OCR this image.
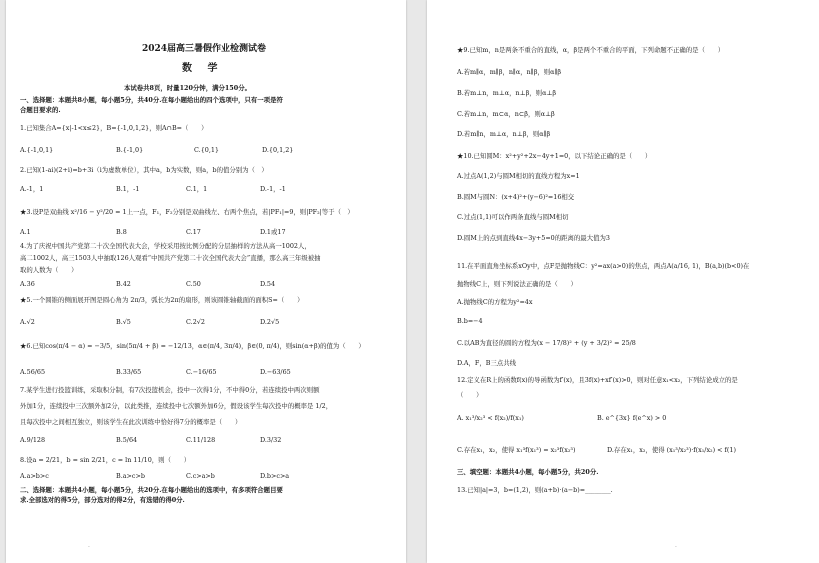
2024届高三暑假作业检测试卷
数 学
本试卷共8页，时量120分钟，满分150分。
一、选择题：本题共8小题，每小题5分，共40分.在每小题给出的四个选项中，只有一项是符
合题目要求的.
1.已知集合A={x|-1<x≤2}，B={-1,0,1,2}，则A∩B=（　　）
A.{-1,0,1}	B.{-1,0}	C.{0,1}	D.{0,1,2}
2.已知(1-ai)(2+i)=b+3i（i为虚数单位），其中a，b为实数，则a，b的值分别为（　）
A.-1，1	B.1，-1	C.1，1	D.-1，-1
★3.设P是双曲线 x²/16 − y²/20 = 1上一点，F₁，F₂分别是双曲线左、右两个焦点，若|PF₁|=9，则|PF₂|等于（　）
A.1	B.8	C.17	D.1或17
4.为了庆祝中国共产党第二十次全国代表大会，学校采用按比例分配的分层抽样的方法从高一1002人，
高二1002人，高三1503人中抽取126人观看“中国共产党第二十次全国代表大会”直播，那么高三年级被抽
取的人数为（　　）
A.36	B.42	C.50	D.54
★5.一个圆锥的侧面展开图是圆心角为 2π/3，弧长为2π的扇形，则该圆锥轴截面的面积S=（　　）
A.√2	B.√5	C.2√2	D.2√5
★6.已知cos(π/4 − α) = −3/5，sin(5π/4 + β) = −12/13，α∈(π/4, 3π/4)，β∈(0, π/4)，则sin(α+β)的值为（　　）
A.56/65	B.33/65	C.−16/65	D.−63/65
7.某学生进行投篮训练，采取积分制，有7次投篮机会，投中一次得1分，不中得0分，若连续投中两次则额
外加1分，连续投中三次额外加2分，以此类推，连续投中七次额外加6分，假设该学生每次投中的概率是 1/2，
且每次投中之间相互独立，则该学生在此次训练中恰好得7分的概率是（　　）
A.9/128	B.5/64	C.11/128	D.3/32
8.设a = 2/21，b = sin 2/21，c = ln 11/10，则（　　）
A.a>b>c	B.a>c>b	C.c>a>b	D.b>c>a
二、选择题：本题共4小题，每小题5分，共20分.在每小题给出的选项中，有多项符合题目要
求.全部选对的得5分，部分选对的得2分，有选错的得0分.
·
★9.已知m，n是两条不重合的直线，α，β是两个不重合的平面，下列命题不正确的是（　　）
A.若m∥α，m∥β，n∥α，n∥β，则α∥β
B.若m⊥n，m⊥α，n⊥β，则α⊥β
C.若m⊥n，m⊂α，n⊂β，则α⊥β
D.若m∥n，m⊥α，n⊥β，则α∥β
★10.已知圆M：x²+y²+2x−4y+1=0，以下结论正确的是（　　）
A.过点A(1,2)与圆M相切的直线方程为x=1
B.圆M与圆N：(x+4)²+(y−6)²=16相交
C.过点(1,1)可以作两条直线与圆M相切
D.圆M上的点到直线4x−3y+5=0的距离的最大值为3
11.在平面直角坐标系xOy中，点F是抛物线C：y²=ax(a>0)的焦点，两点A(a/16, 1)，B(a,b)(b<0)在
抛物线C上，则下列说法正确的是（　　）
A.抛物线C的方程为y²=4x
B.b=−4
C.以AB为直径的圆的方程为(x − 17/8)² + (y + 3/2)² = 25/8
D.A，F，B三点共线
12.定义在R上的函数f(x)的导函数为f′(x)，且3f(x)+xf′(x)>0，则对任意x₁<x₂，下列结论成立的是
（　　）
A. x₁³/x₂³ < f(x₂)/f(x₁)	B. e^{3x} f(e^x) > 0
C.存在x₁，x₂，使得 x₁³f(x₁³) = x₂³f(x₂³)	D.存在x₁，x₂，使得 (x₁³/x₂³)·f(x₁/x₂) < f(1)
三、填空题：本题共4小题，每小题5分，共20分.
13.已知|a|=3，b=(1,2)，则(a+b)·(a−b)=________.
·
